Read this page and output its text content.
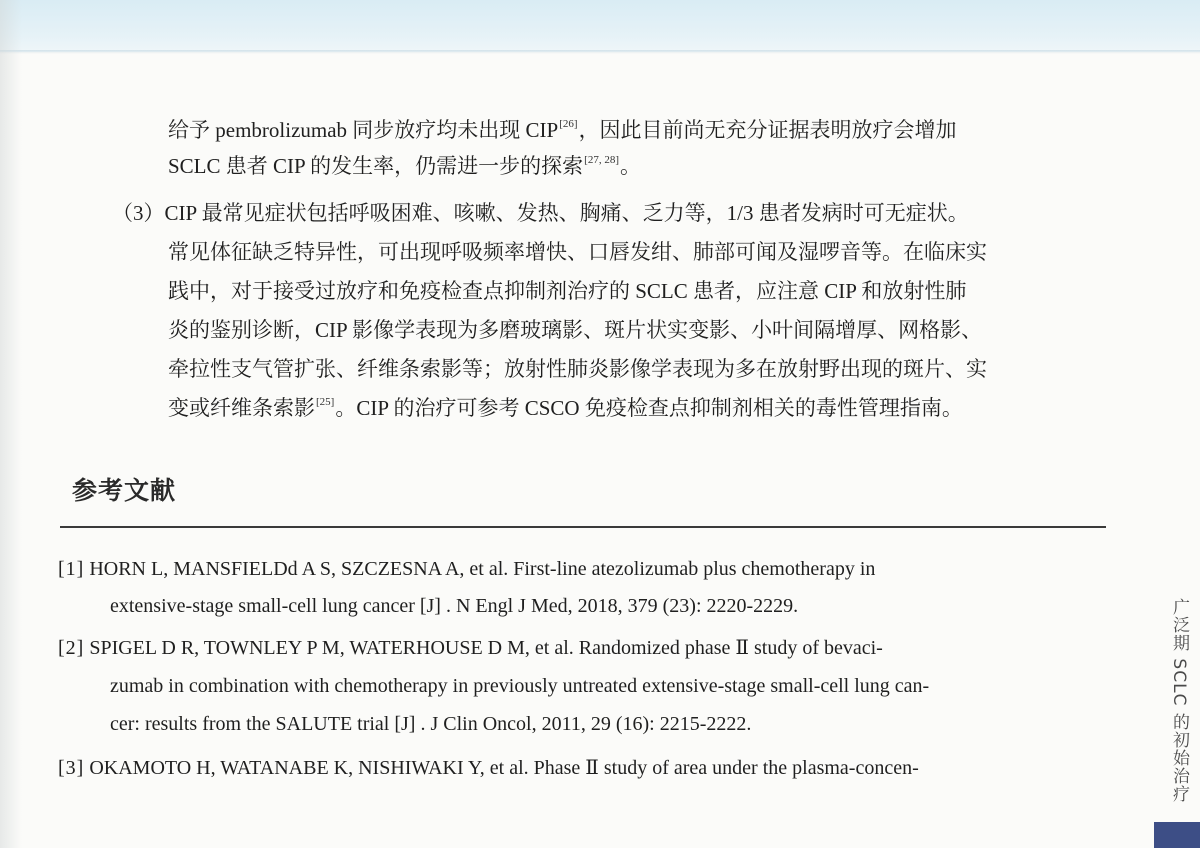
给予 pembrolizumab 同步放疗均未出现 CIP[26]，因此目前尚无充分证据表明放疗会增加
SCLC 患者 CIP 的发生率，仍需进一步的探索[27, 28]。
（3）CIP 最常见症状包括呼吸困难、咳嗽、发热、胸痛、乏力等，1/3 患者发病时可无症状。
常见体征缺乏特异性，可出现呼吸频率增快、口唇发绀、肺部可闻及湿啰音等。在临床实
践中，对于接受过放疗和免疫检查点抑制剂治疗的 SCLC 患者，应注意 CIP 和放射性肺
炎的鉴别诊断，CIP 影像学表现为多磨玻璃影、斑片状实变影、小叶间隔增厚、网格影、
牵拉性支气管扩张、纤维条索影等；放射性肺炎影像学表现为多在放射野出现的斑片、实
变或纤维条索影[25]。CIP 的治疗可参考 CSCO 免疫检查点抑制剂相关的毒性管理指南。
参考文献
[1] HORN L, MANSFIELDd A S, SZCZESNA A, et al. First-line atezolizumab plus chemotherapy in
extensive-stage small-cell lung cancer [J] . N Engl J Med, 2018, 379 (23): 2220-2229.
[2] SPIGEL D R, TOWNLEY P M, WATERHOUSE D M, et al. Randomized phase Ⅱ study of bevaci-
zumab in combination with chemotherapy in previously untreated extensive-stage small-cell lung can-
cer: results from the SALUTE trial [J] . J Clin Oncol, 2011, 29 (16): 2215-2222.
[3] OKAMOTO H, WATANABE K, NISHIWAKI Y, et al. Phase Ⅱ study of area under the plasma-concen-	广泛期 SCLC 的初始治疗
